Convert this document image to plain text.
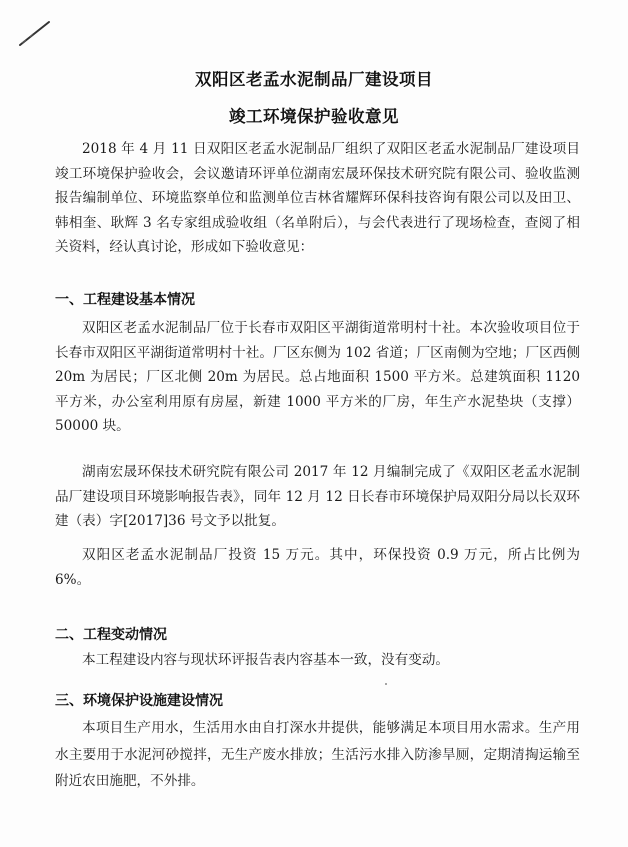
双阳区老孟水泥制品厂建设项目
竣工环境保护验收意见

2018 年 4 月 11 日双阳区老孟水泥制品厂组织了双阳区老孟水泥制品厂建设项目竣工环境保护验收会，会议邀请环评单位湖南宏晟环保技术研究院有限公司、验收监测报告编制单位、环境监察单位和监测单位吉林省耀辉环保科技咨询有限公司以及田卫、韩相奎、耿辉 3 名专家组成验收组（名单附后），与会代表进行了现场检查，查阅了相关资料，经认真讨论，形成如下验收意见：

一、工程建设基本情况

双阳区老孟水泥制品厂位于长春市双阳区平湖街道常明村十社。本次验收项目位于长春市双阳区平湖街道常明村十社。厂区东侧为 102 省道；厂区南侧为空地；厂区西侧 20m 为居民；厂区北侧 20m 为居民。总占地面积 1500 平方米。总建筑面积 1120 平方米，办公室利用原有房屋，新建 1000 平方米的厂房，年生产水泥垫块（支撑）50000 块。

湖南宏晟环保技术研究院有限公司 2017 年 12 月编制完成了《双阳区老孟水泥制品厂建设项目环境影响报告表》，同年 12 月 12 日长春市环境保护局双阳分局以长双环建（表）字[2017]36 号文予以批复。

双阳区老孟水泥制品厂投资 15 万元。其中，环保投资 0.9 万元，所占比例为 6%。

二、工程变动情况

本工程建设内容与现状环评报告表内容基本一致，没有变动。

三、环境保护设施建设情况

本项目生产用水，生活用水由自打深水井提供，能够满足本项目用水需求。生产用水主要用于水泥河砂搅拌，无生产废水排放；生活污水排入防渗旱厕，定期清掏运输至附近农田施肥，不外排。
